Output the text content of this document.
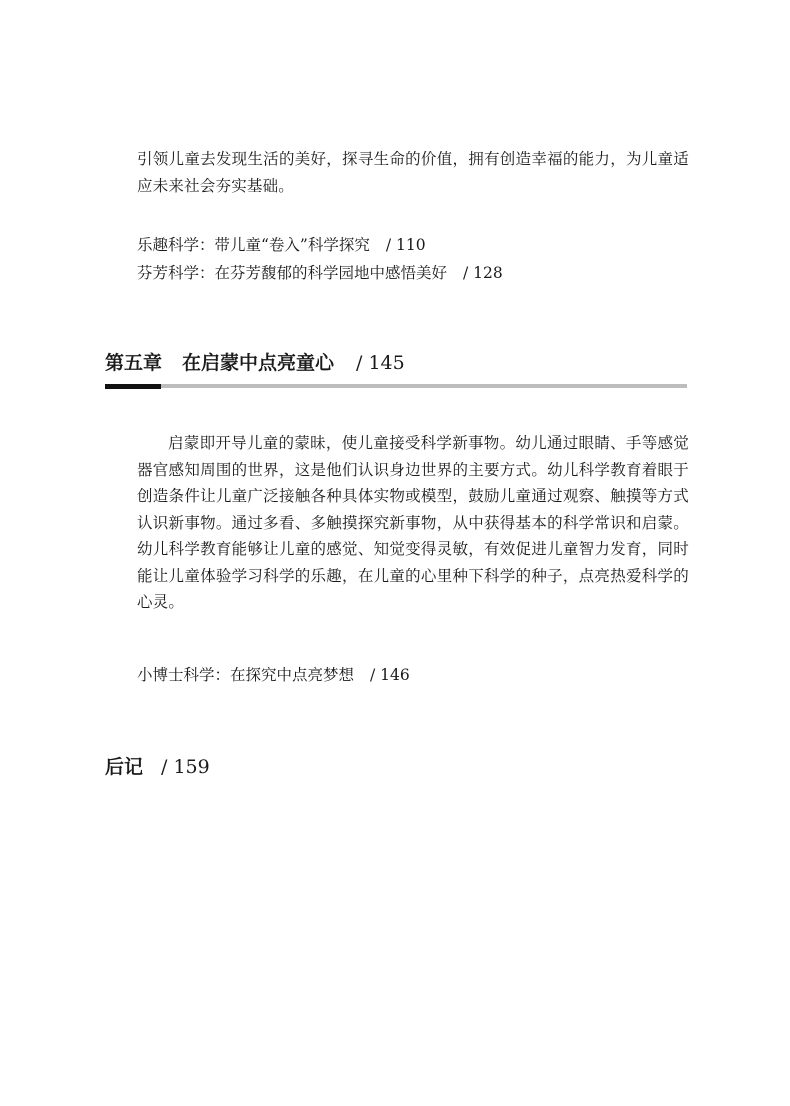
引领儿童去发现生活的美好，探寻生命的价值，拥有创造幸福的能力，为儿童适应未来社会夯实基础。

乐趣科学：带儿童“卷入”科学探究 / 110
芬芳科学：在芬芳馥郁的科学园地中感悟美好 / 128
第五章 在启蒙中点亮童心 / 145

启蒙即开导儿童的蒙昧，使儿童接受科学新事物。幼儿通过眼睛、手等感觉器官感知周围的世界，这是他们认识身边世界的主要方式。幼儿科学教育着眼于创造条件让儿童广泛接触各种具体实物或模型，鼓励儿童通过观察、触摸等方式认识新事物。通过多看、多触摸探究新事物，从中获得基本的科学常识和启蒙。幼儿科学教育能够让儿童的感觉、知觉变得灵敏，有效促进儿童智力发育，同时能让儿童体验学习科学的乐趣，在儿童的心里种下科学的种子，点亮热爱科学的心灵。

小博士科学：在探究中点亮梦想 / 146
后记 / 159
